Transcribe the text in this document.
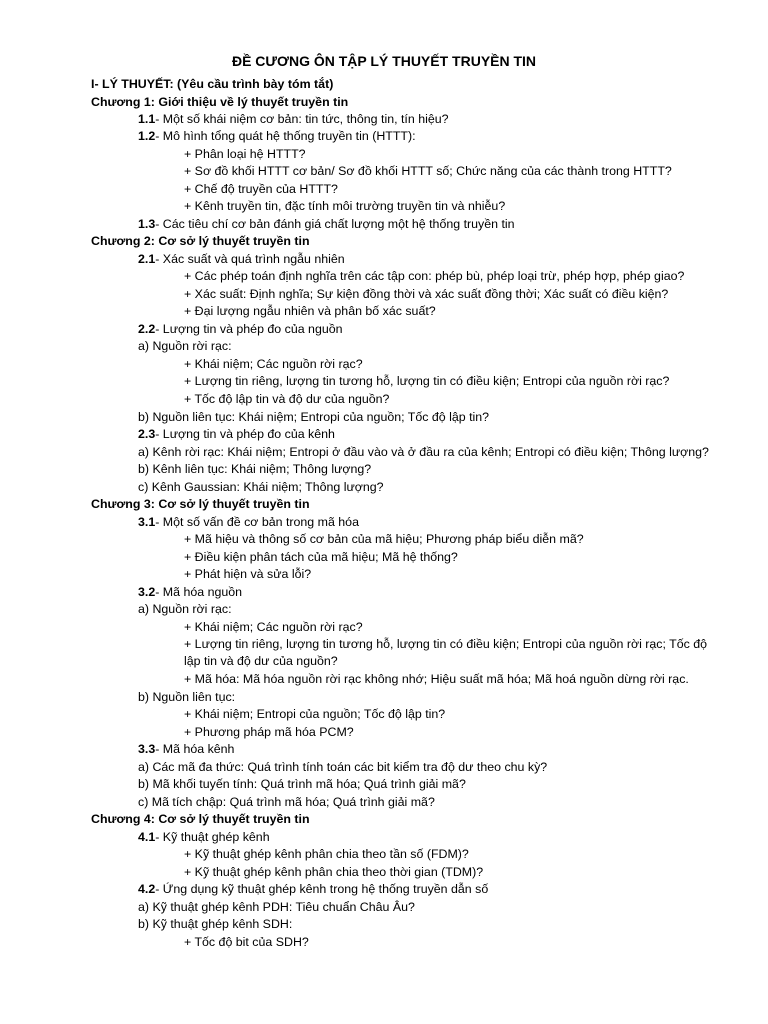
ĐỀ CƯƠNG ÔN TẬP LÝ THUYẾT TRUYỀN TIN
I- LÝ THUYẾT: (Yêu cầu trình bày tóm tắt)
Chương 1: Giới thiệu về lý thuyết truyền tin
1.1- Một số khái niệm cơ bản: tin tức, thông tin, tín hiệu?
1.2- Mô hình tổng quát hệ thống truyền tin (HTTT):
+ Phân loại hệ HTTT?
+ Sơ đồ khối HTTT cơ bản/ Sơ đồ khối HTTT số; Chức năng của các thành trong HTTT?
+ Chế độ truyền của HTTT?
+ Kênh truyền tin, đặc tính môi trường truyền tin và nhiễu?
1.3- Các tiêu chí cơ bản đánh giá chất lượng một hệ thống truyền tin
Chương 2: Cơ sở lý thuyết truyền tin
2.1- Xác suất và quá trình ngẫu nhiên
+ Các phép toán định nghĩa trên các tập con: phép bù, phép loại trừ, phép hợp, phép giao?
+ Xác suất: Định nghĩa; Sự kiện đồng thời và xác suất đồng thời; Xác suất có điều kiện?
+ Đại lượng ngẫu nhiên và phân bố xác suất?
2.2- Lượng tin và phép đo của nguồn
a) Nguồn rời rạc:
+ Khái niệm; Các nguồn rời rạc?
+ Lượng tin riêng, lượng tin tương hỗ, lượng tin có điều kiện; Entropi của nguồn rời rạc?
+ Tốc độ lập tin và độ dư của nguồn?
b) Nguồn liên tục: Khái niệm; Entropi của nguồn; Tốc độ lập tin?
2.3- Lượng tin và phép đo của kênh
a) Kênh rời rạc: Khái niệm; Entropi ở đầu vào và ở đầu ra của kênh; Entropi có điều kiện; Thông lượng?
b) Kênh liên tục: Khái niệm; Thông lượng?
c) Kênh Gaussian: Khái niệm; Thông lượng?
Chương 3: Cơ sở lý thuyết truyền tin
3.1- Một số vấn đề cơ bản trong mã hóa
+ Mã hiệu và thông số cơ bản của mã hiệu; Phương pháp biểu diễn mã?
+ Điều kiện phân tách của mã hiệu; Mã hệ thống?
+ Phát hiện và sửa lỗi?
3.2- Mã hóa nguồn
a) Nguồn rời rạc:
+ Khái niệm; Các nguồn rời rạc?
+ Lượng tin riêng, lượng tin tương hỗ, lượng tin có điều kiện; Entropi của nguồn rời rạc; Tốc độ lập tin và độ dư của nguồn?
+ Mã hóa: Mã hóa nguồn rời rạc không nhớ; Hiệu suất mã hóa; Mã hoá nguồn dừng rời rạc.
b) Nguồn liên tục:
+ Khái niệm; Entropi của nguồn; Tốc độ lập tin?
+ Phương pháp mã hóa PCM?
3.3- Mã hóa kênh
a) Các mã đa thức: Quá trình tính toán các bit kiểm tra độ dư theo chu kỳ?
b) Mã khối tuyến tính: Quá trình mã hóa; Quá trình giải mã?
c) Mã tích chập: Quá trình mã hóa; Quá trình giải mã?
Chương 4: Cơ sở lý thuyết truyền tin
4.1- Kỹ thuật ghép kênh
+ Kỹ thuật ghép kênh phân chia theo tần số (FDM)?
+ Kỹ thuật ghép kênh phân chia theo thời gian (TDM)?
4.2- Ứng dụng kỹ thuật ghép kênh trong hệ thống truyền dẫn số
a) Kỹ thuật ghép kênh PDH: Tiêu chuẩn Châu Âu?
b) Kỹ thuật ghép kênh SDH:
+ Tốc độ bit của SDH?
